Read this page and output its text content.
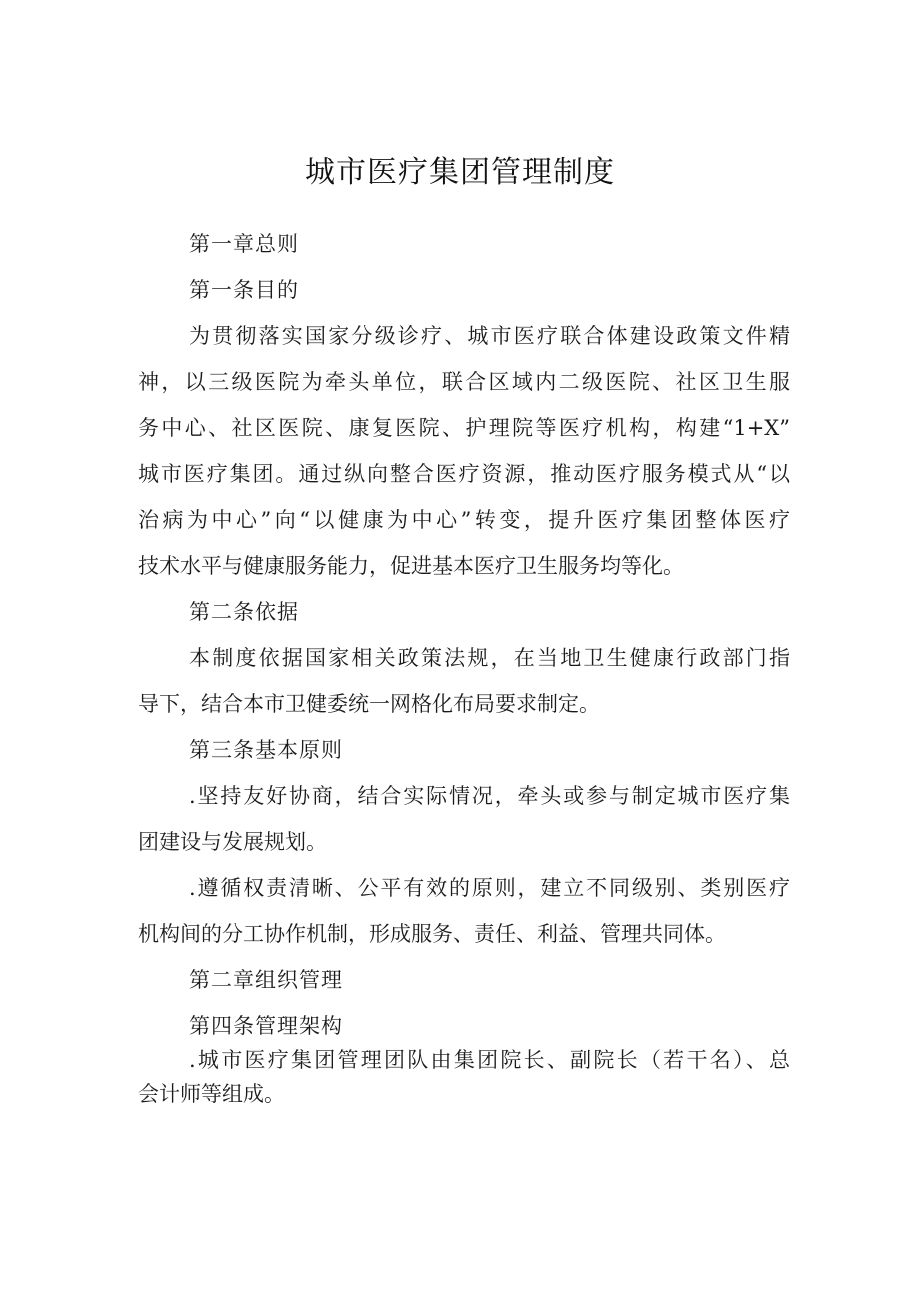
城市医疗集团管理制度

第一章总则

第一条目的

为贯彻落实国家分级诊疗、城市医疗联合体建设政策文件精
神，以三级医院为牵头单位，联合区域内二级医院、社区卫生服
务中心、社区医院、康复医院、护理院等医疗机构，构建“1+X”
城市医疗集团。通过纵向整合医疗资源，推动医疗服务模式从“以
治病为中心”向“以健康为中心”转变，提升医疗集团整体医疗
技术水平与健康服务能力，促进基本医疗卫生服务均等化。

第二条依据

本制度依据国家相关政策法规，在当地卫生健康行政部门指
导下，结合本市卫健委统一网格化布局要求制定。

第三条基本原则

.坚持友好协商，结合实际情况，牵头或参与制定城市医疗集
团建设与发展规划。
.遵循权责清晰、公平有效的原则，建立不同级别、类别医疗
机构间的分工协作机制，形成服务、责任、利益、管理共同体。

第二章组织管理

第四条管理架构

.城市医疗集团管理团队由集团院长、副院长（若干名）、总
会计师等组成。
